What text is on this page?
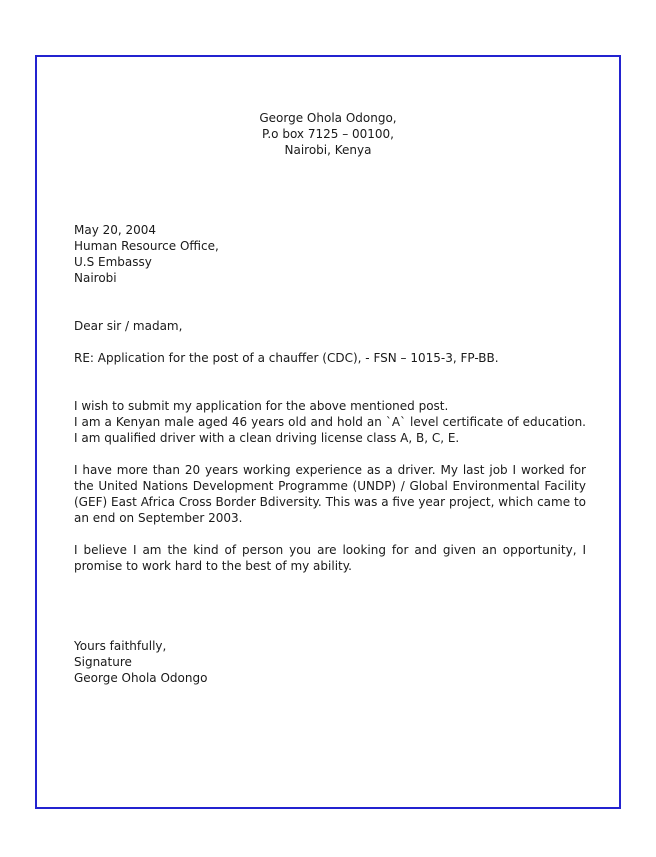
George Ohola Odongo,
P.o box 7125 – 00100,
Nairobi, Kenya
May 20, 2004
Human Resource Office,
U.S Embassy
Nairobi
Dear sir / madam,
RE: Application for the post of a chauffer (CDC), - FSN – 1015-3, FP-BB.
I wish to submit my application for the above mentioned post.
I am a Kenyan male aged 46 years old and hold an `A` level certificate of education. I am qualified driver with a clean driving license class A, B, C, E.
I have more than 20 years working experience as a driver. My last job I worked for the United Nations Development Programme (UNDP) / Global Environmental Facility (GEF) East Africa Cross Border Bdiversity. This was a five year project, which came to an end on September 2003.
I believe I am the kind of person you are looking for and given an opportunity, I promise to work hard to the best of my ability.
Yours faithfully,
Signature
George Ohola Odongo
